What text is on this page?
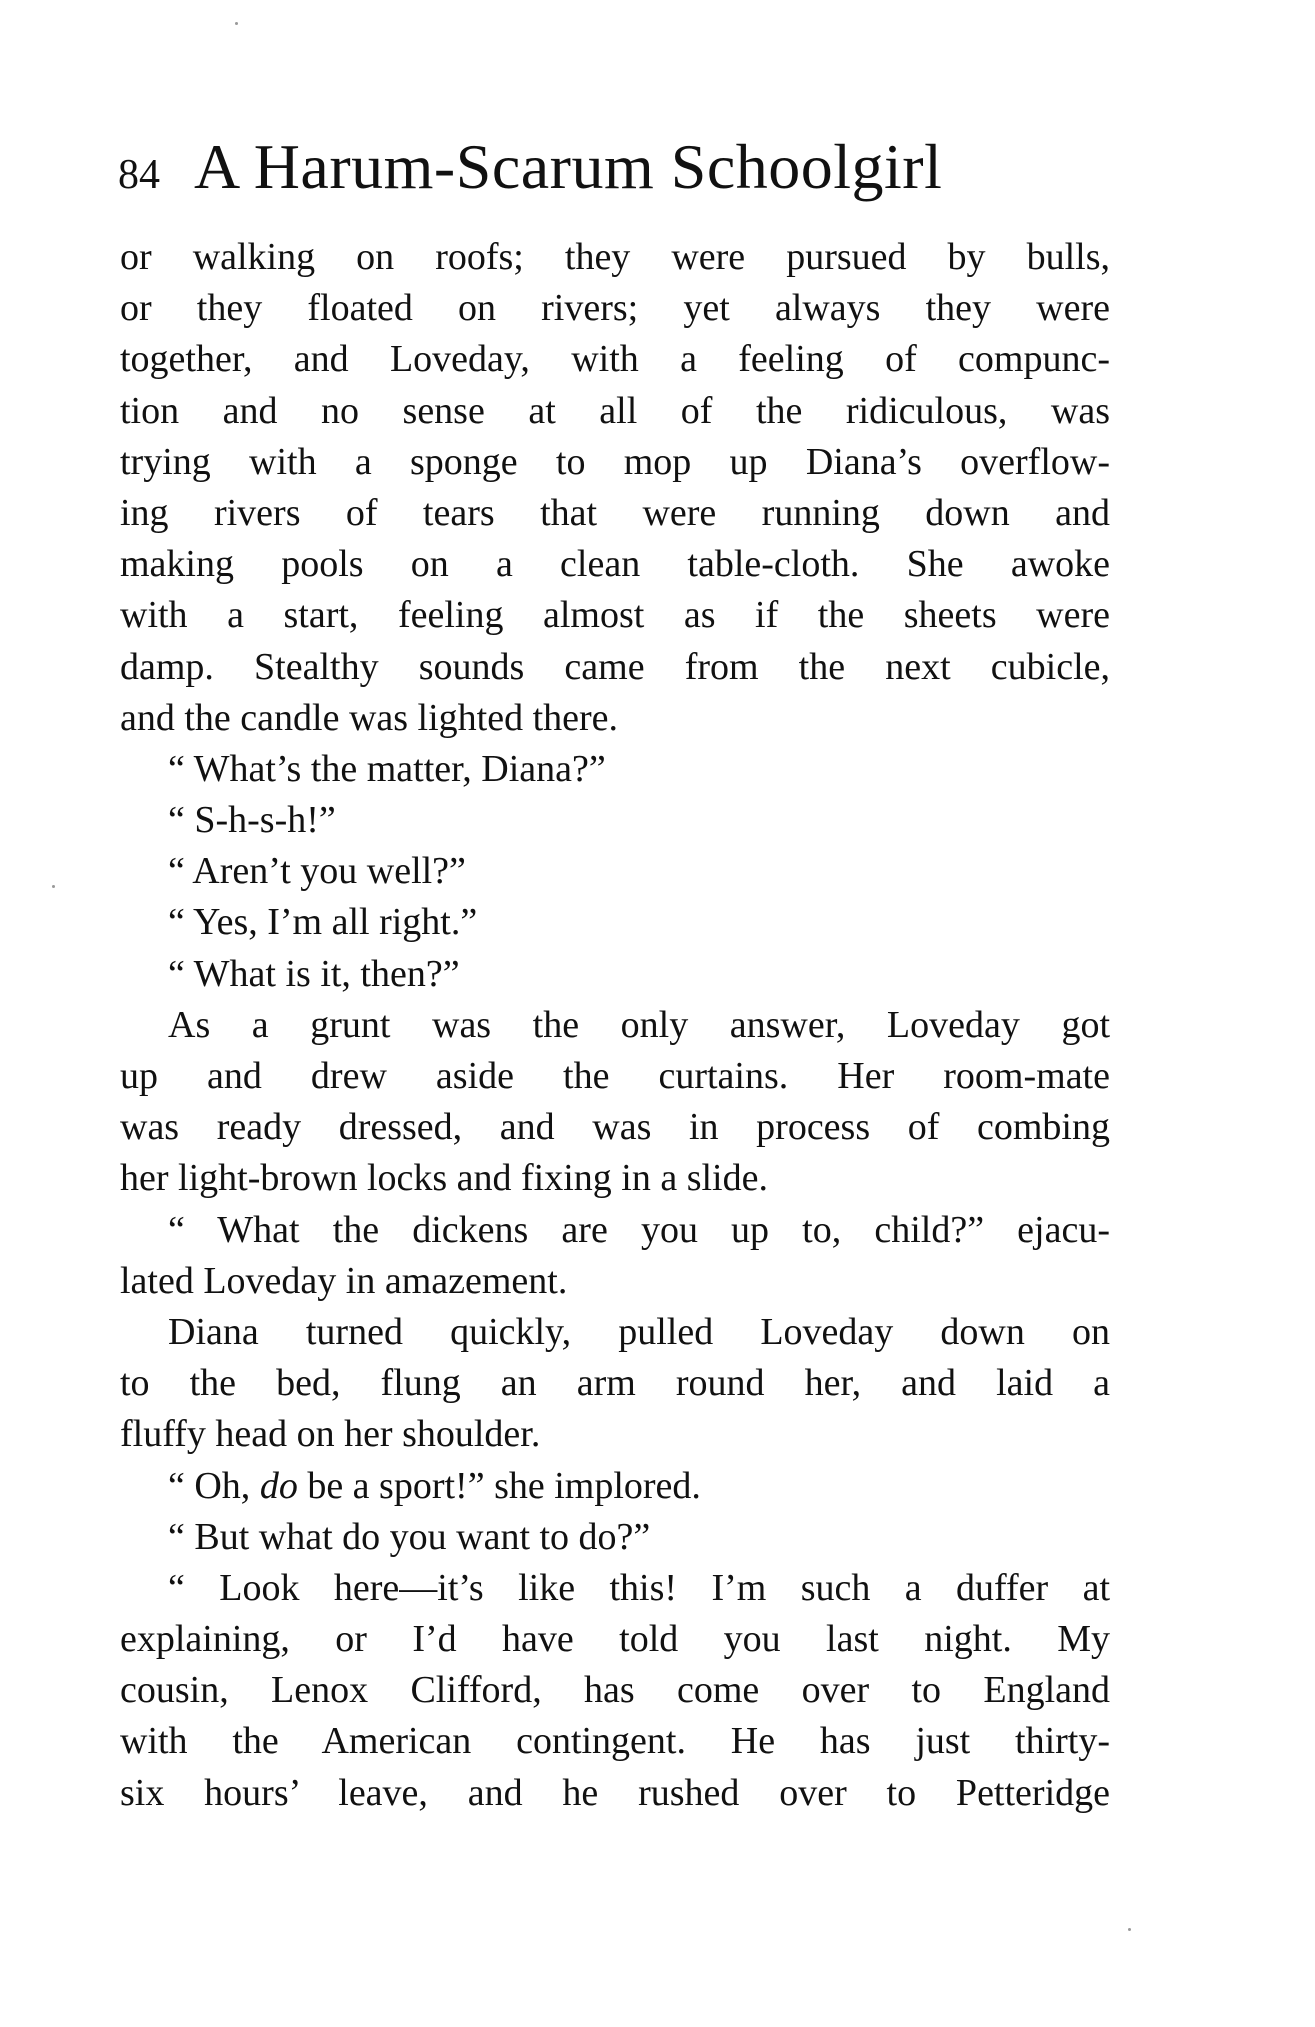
84 A Harum-Scarum Schoolgirl
or walking on roofs; they were pursued by bulls,
or they floated on rivers; yet always they were
together, and Loveday, with a feeling of compunc-
tion and no sense at all of the ridiculous, was
trying with a sponge to mop up Diana’s overflow-
ing rivers of tears that were running down and
making pools on a clean table-cloth. She awoke
with a start, feeling almost as if the sheets were
damp. Stealthy sounds came from the next cubicle,
and the candle was lighted there.
“ What’s the matter, Diana?”
“ S-h-s-h!”
“ Aren’t you well?”
“ Yes, I’m all right.”
“ What is it, then?”
As a grunt was the only answer, Loveday got
up and drew aside the curtains. Her room-mate
was ready dressed, and was in process of combing
her light-brown locks and fixing in a slide.
“ What the dickens are you up to, child?” ejacu-
lated Loveday in amazement.
Diana turned quickly, pulled Loveday down on
to the bed, flung an arm round her, and laid a
fluffy head on her shoulder.
“ Oh, do be a sport!” she implored.
“ But what do you want to do?”
“ Look here—it’s like this! I’m such a duffer at
explaining, or I’d have told you last night. My
cousin, Lenox Clifford, has come over to England
with the American contingent. He has just thirty-
six hours’ leave, and he rushed over to Petteridge
